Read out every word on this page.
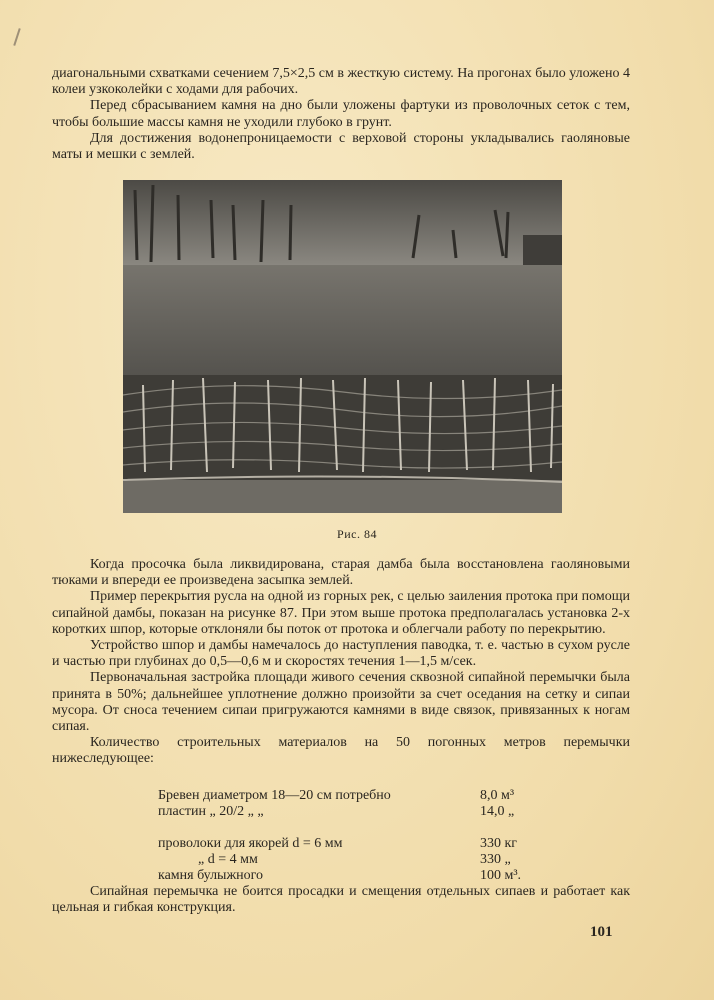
диагональными схватками сечением 7,5×2,5 см в жесткую систему. На прогонах было уложено 4 колеи узкоколейки с ходами для рабочих.

Перед сбрасыванием камня на дно были уложены фартуки из проволочных сеток с тем, чтобы большие массы камня не уходили глубоко в грунт.

Для достижения водонепроницаемости с верховой стороны укладывались гаоляновые маты и мешки с землей.

Рис. 84

Когда просочка была ликвидирована, старая дамба была восстановлена гаоляновыми тюками и впереди ее произведена засыпка землей.

Пример перекрытия русла на одной из горных рек, с целью заиления протока при помощи сипайной дамбы, показан на рисунке 87. При этом выше протока предполагалась установка 2-х коротких шпор, которые отклоняли бы поток от протока и облегчали работу по перекрытию.

Устройство шпор и дамбы намечалось до наступления паводка, т. е. частью в сухом русле и частью при глубинах до 0,5—0,6 м и скоростях течения 1—1,5 м/сек.

Первоначальная застройка площади живого сечения сквозной сипайной перемычки была принята в 50%; дальнейшее уплотнение должно произойти за счет оседания на сетку и сипаи мусора. От сноса течением сипаи пригружаются камнями в виде связок, привязанных к ногам сипая.

Количество строительных материалов на 50 погонных метров перемычки нижеследующее:

Бревен диаметром 18—20 см потребно	8,0 м³
пластин „ 20/2 „ „	14,0 „
проволоки для якорей d = 6 мм	330 кг
„ d = 4 мм	330 „
камня булыжного	100 м³.

Сипайная перемычка не боится просадки и смещения отдельных сипаев и работает как цельная и гибкая конструкция.

101
